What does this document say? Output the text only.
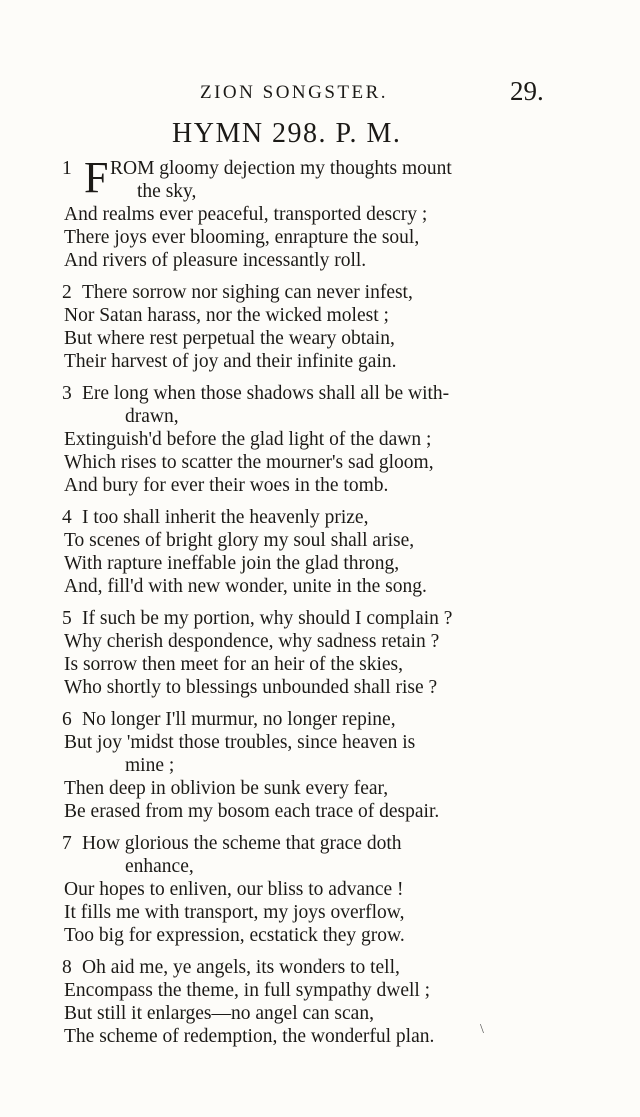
ZION SONGSTER.	29.
HYMN 298. P. M.
1 F ROM gloomy dejection my thoughts mount
the sky,
And realms ever peaceful, transported descry ;
There joys ever blooming, enrapture the soul,
And rivers of pleasure incessantly roll.
2 There sorrow nor sighing can never infest,
Nor Satan harass, nor the wicked molest ;
But where rest perpetual the weary obtain,
Their harvest of joy and their infinite gain.
3 Ere long when those shadows shall all be with-
drawn,
Extinguish'd before the glad light of the dawn ;
Which rises to scatter the mourner's sad gloom,
And bury for ever their woes in the tomb.
4 I too shall inherit the heavenly prize,
To scenes of bright glory my soul shall arise,
With rapture ineffable join the glad throng,
And, fill'd with new wonder, unite in the song.
5 If such be my portion, why should I complain ?
Why cherish despondence, why sadness retain ?
Is sorrow then meet for an heir of the skies,
Who shortly to blessings unbounded shall rise ?
6 No longer I'll murmur, no longer repine,
But joy 'midst those troubles, since heaven is
mine ;
Then deep in oblivion be sunk every fear,
Be erased from my bosom each trace of despair.
7 How glorious the scheme that grace doth
enhance,
Our hopes to enliven, our bliss to advance !
It fills me with transport, my joys overflow,
Too big for expression, ecstatick they grow.
8 Oh aid me, ye angels, its wonders to tell,
Encompass the theme, in full sympathy dwell ;
But still it enlarges—no angel can scan,
The scheme of redemption, the wonderful plan.	\
